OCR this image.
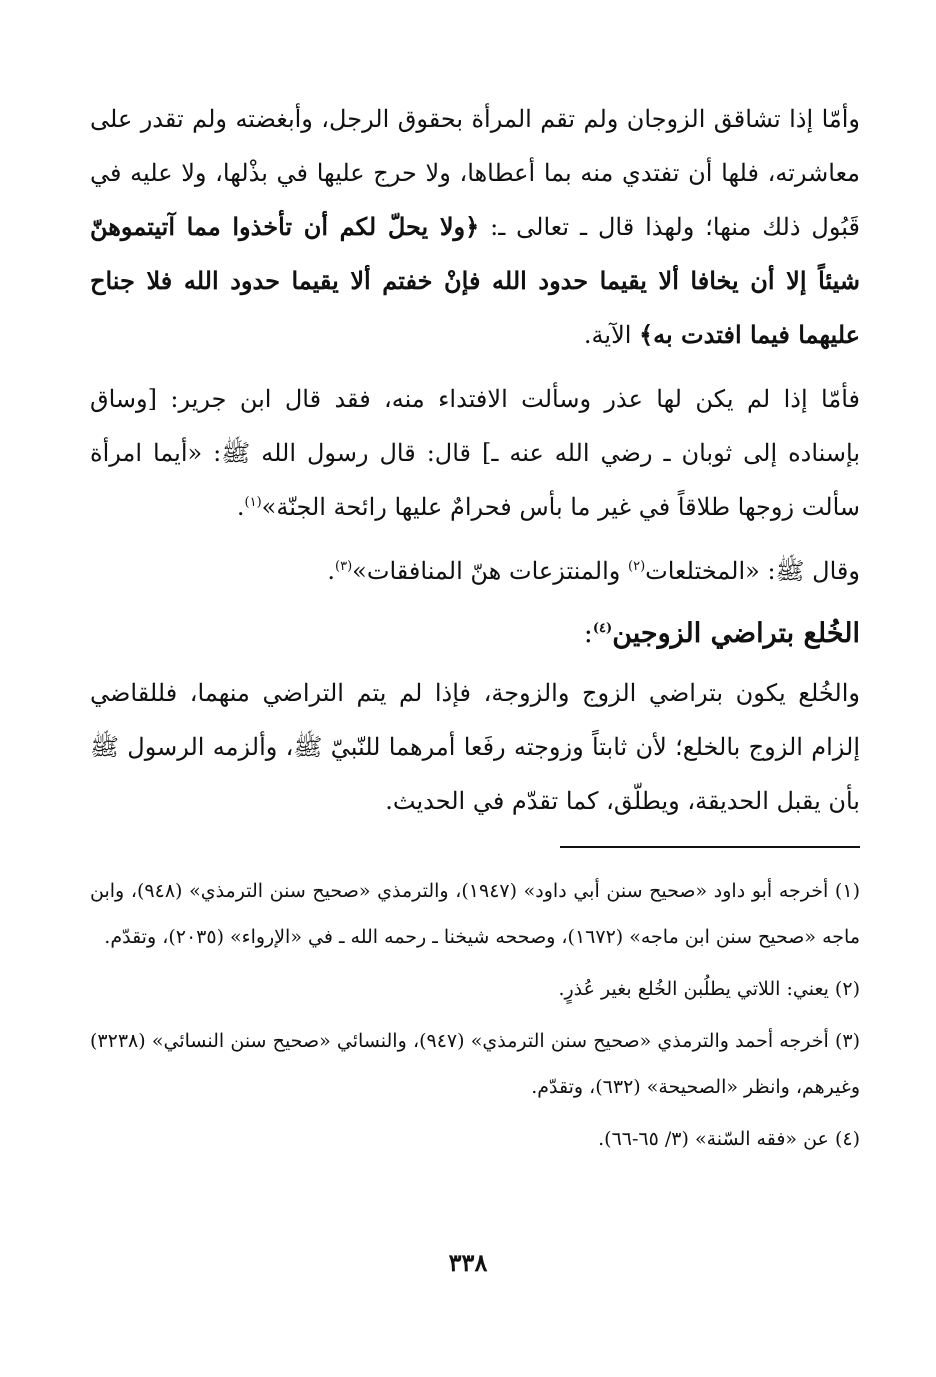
وأمّا إذا تشاقق الزوجان ولم تقم المرأة بحقوق الرجل، وأبغضته ولم تقدر على معاشرته، فلها أن تفتدي منه بما أعطاها، ولا حرج عليها في بذْلها، ولا عليه في قَبُول ذلك منها؛ ولهذا قال ـ تعالى ـ: ﴿ولا يحلّ لكم أن تأخذوا مما آتيتموهنّ شيئاً إلا أن يخافا ألا يقيما حدود الله فإنْ خفتم ألا يقيما حدود الله فلا جناح عليهما فيما افتدت به﴾ الآية.

فأمّا إذا لم يكن لها عذر وسألت الافتداء منه، فقد قال ابن جرير: [وساق بإسناده إلى ثوبان ـ رضي الله عنه ـ] قال: قال رسول الله ﷺ: «أيما امرأة سألت زوجها طلاقاً في غير ما بأس فحرامٌ عليها رائحة الجنّة»$^{(١)}$.

وقال ﷺ: «المختلعات$^{(٢)}$ والمنتزعات هنّ المنافقات»$^{(٣)}$.

الخُلع بتراضي الزوجين$^{(٤)}$:

والخُلع يكون بتراضي الزوج والزوجة، فإذا لم يتم التراضي منهما، فللقاضي إلزام الزوج بالخلع؛ لأن ثابتاً وزوجته رفَعا أمرهما للنّبيّ ﷺ، وألزمه الرسول ﷺ بأن يقبل الحديقة، ويطلّق، كما تقدّم في الحديث.

(١) أخرجه أبو داود «صحيح سنن أبي داود» (١٩٤٧)، والترمذي «صحيح سنن الترمذي» (٩٤٨)، وابن ماجه «صحيح سنن ابن ماجه» (١٦٧٢)، وصححه شيخنا ـ رحمه الله ـ في «الإرواء» (٢٠٣٥)، وتقدّم.

(٢) يعني: اللاتي يطلُبن الخُلع بغير عُذرٍ.

(٣) أخرجه أحمد والترمذي «صحيح سنن الترمذي» (٩٤٧)، والنسائي «صحيح سنن النسائي» (٣٢٣٨) وغيرهم، وانظر «الصحيحة» (٦٣٢)، وتقدّم.

(٤) عن «فقه السّنة» (٣/ ٦٥-٦٦).

٣٣٨
